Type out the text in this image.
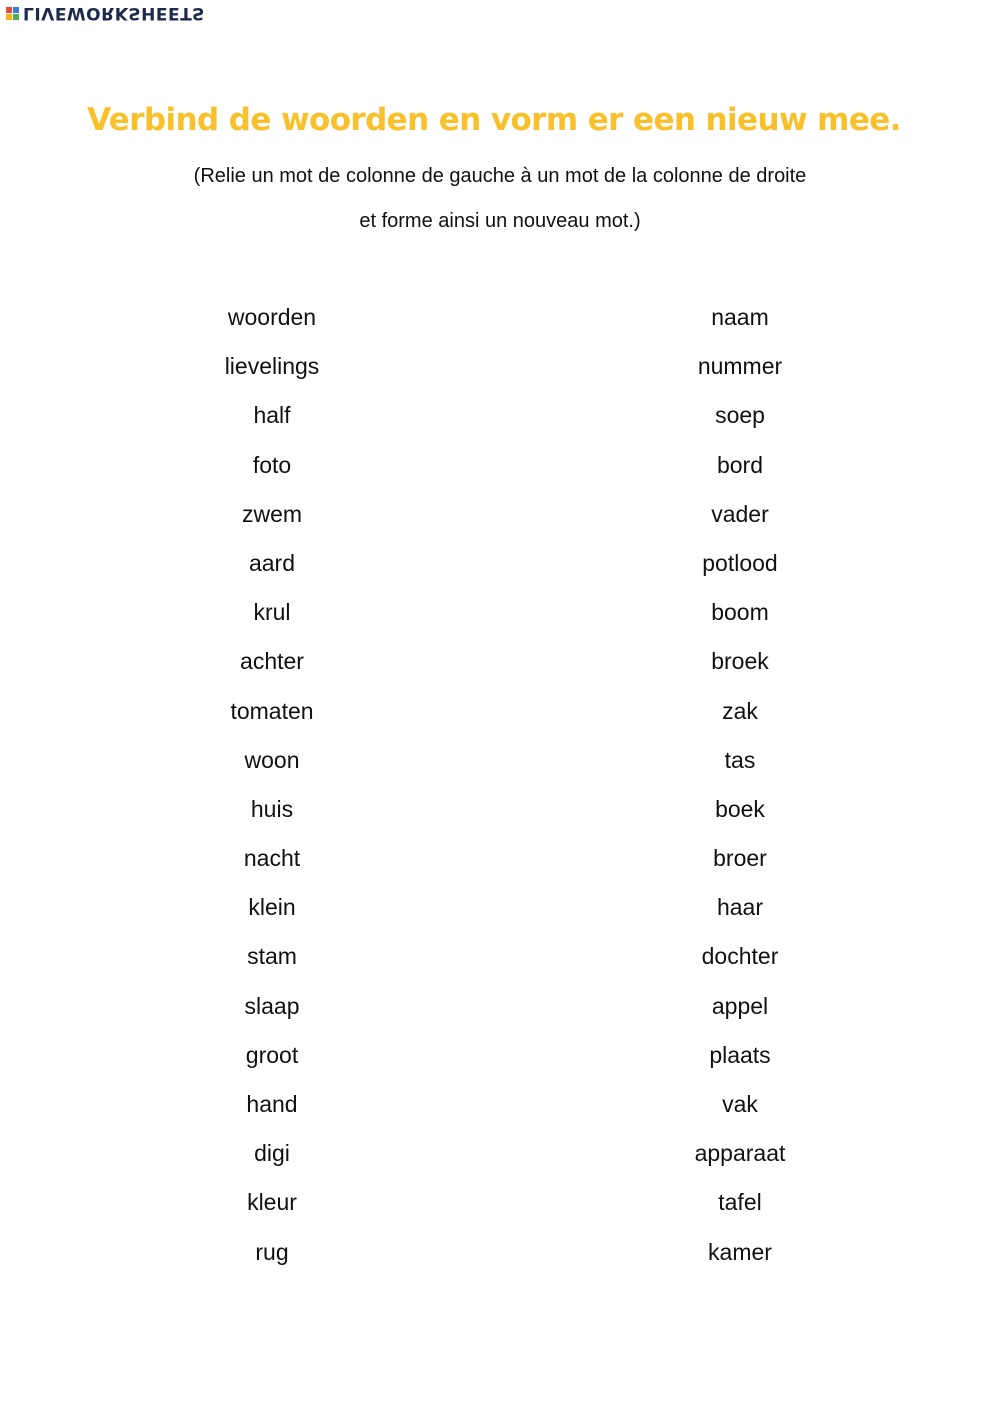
LIVEWORKSHEETS
Verbind de woorden en vorm er een nieuw mee.
(Relie un mot de colonne de gauche à un mot de la colonne de droite
et forme ainsi un nouveau mot.)
woorden
lievelings
half
foto
zwem
aard
krul
achter
tomaten
woon
huis
nacht
klein
stam
slaap
groot
hand
digi
kleur
rug
naam
nummer
soep
bord
vader
potlood
boom
broek
zak
tas
boek
broer
haar
dochter
appel
plaats
vak
apparaat
tafel
kamer
